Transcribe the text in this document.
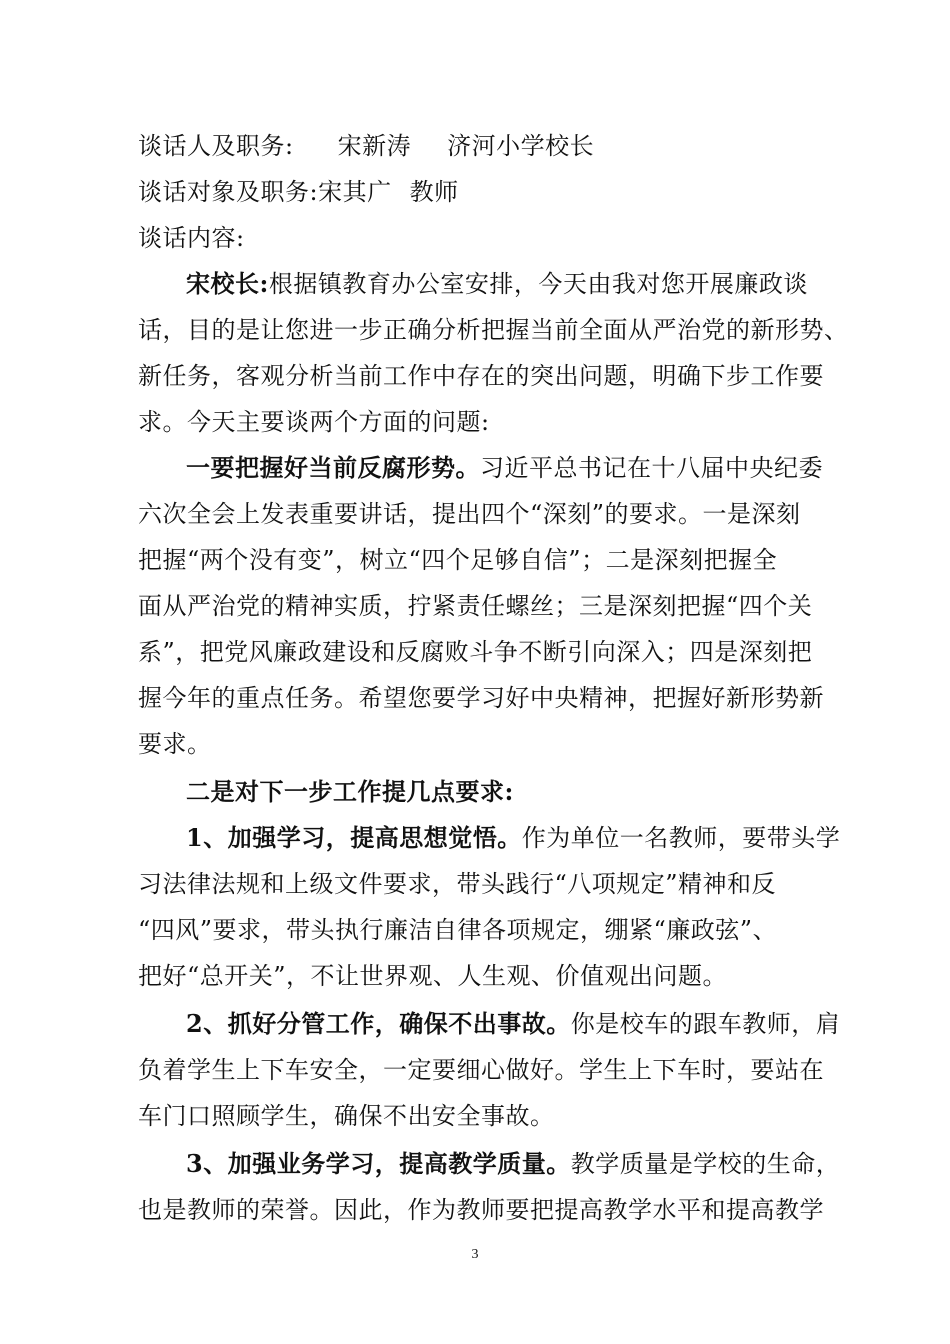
谈话人及职务: 宋新涛 济河小学校长
谈话对象及职务:宋其广 教师
谈话内容:
宋校长:根据镇教育办公室安排，今天由我对您开展廉政谈
话，目的是让您进一步正确分析把握当前全面从严治党的新形势、
新任务，客观分析当前工作中存在的突出问题，明确下步工作要
求。今天主要谈两个方面的问题:
一要把握好当前反腐形势。习近平总书记在十八届中央纪委
六次全会上发表重要讲话，提出四个“深刻”的要求。一是深刻
把握“两个没有变”，树立“四个足够自信”；二是深刻把握全
面从严治党的精神实质，拧紧责任螺丝；三是深刻把握“四个关
系”，把党风廉政建设和反腐败斗争不断引向深入；四是深刻把
握今年的重点任务。希望您要学习好中央精神，把握好新形势新
要求。
二是对下一步工作提几点要求:
1、加强学习，提高思想觉悟。作为单位一名教师，要带头学
习法律法规和上级文件要求，带头践行“八项规定”精神和反
“四风”要求，带头执行廉洁自律各项规定，绷紧“廉政弦”、
把好“总开关”，不让世界观、人生观、价值观出问题。
2、抓好分管工作，确保不出事故。你是校车的跟车教师，肩
负着学生上下车安全，一定要细心做好。学生上下车时，要站在
车门口照顾学生，确保不出安全事故。
3、加强业务学习，提高教学质量。教学质量是学校的生命，
也是教师的荣誉。因此，作为教师要把提高教学水平和提高教学
3
